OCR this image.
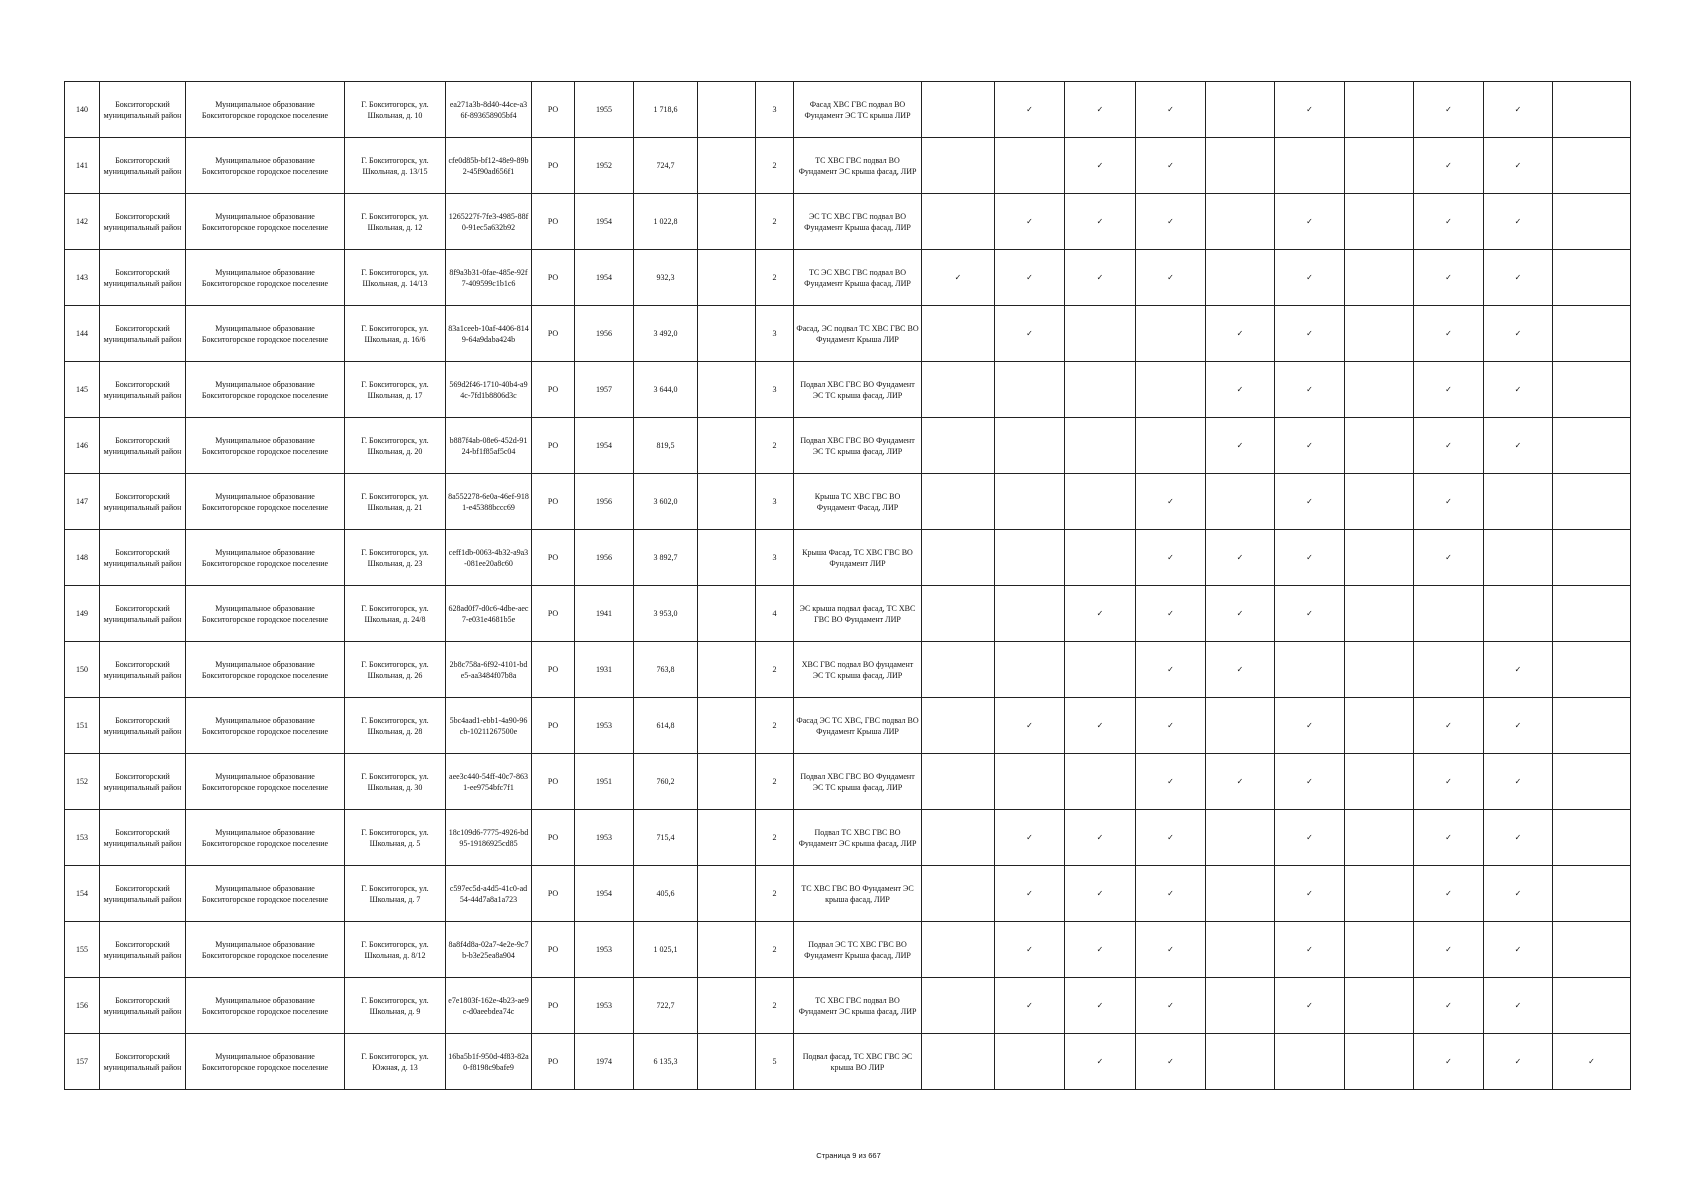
140	Бокситогорский муниципальный район	Муниципальное образование Бокситогорское городское поселение	Г. Бокситогорск, ул. Школьная, д. 10	ea271a3b-8d40-44ce-a36f-893658905bf4	РО	1955	1 718,6		3	Фасад ХВС ГВС подвал ВО Фундамент ЭС ТС крыша ЛИР		✓	✓	✓		✓		✓	✓	
141	Бокситогорский муниципальный район	Муниципальное образование Бокситогорское городское поселение	Г. Бокситогорск, ул. Школьная, д. 13/15	cfe0d85b-bf12-48e9-89b2-45f90ad656f1	РО	1952	724,7		2	ТС ХВС ГВС подвал ВО Фундамент ЭС крыша фасад, ЛИР			✓	✓				✓	✓	
142	Бокситогорский муниципальный район	Муниципальное образование Бокситогорское городское поселение	Г. Бокситогорск, ул. Школьная, д. 12	1265227f-7fe3-4985-88f0-91ec5a632b92	РО	1954	1 022,8		2	ЭС ТС ХВС ГВС подвал ВО Фундамент Крыша фасад, ЛИР		✓	✓	✓		✓		✓	✓	
143	Бокситогорский муниципальный район	Муниципальное образование Бокситогорское городское поселение	Г. Бокситогорск, ул. Школьная, д. 14/13	8f9a3b31-0fae-485e-92f7-409599c1b1c6	РО	1954	932,3		2	ТС ЭС ХВС ГВС подвал ВО Фундамент Крыша фасад, ЛИР	✓	✓	✓	✓		✓		✓	✓	
144	Бокситогорский муниципальный район	Муниципальное образование Бокситогорское городское поселение	Г. Бокситогорск, ул. Школьная, д. 16/6	83a1ceeb-10af-4406-8149-64a9daba424b	РО	1956	3 492,0		3	Фасад, ЭС подвал ТС ХВС ГВС ВО Фундамент Крыша ЛИР		✓			✓	✓		✓	✓	
145	Бокситогорский муниципальный район	Муниципальное образование Бокситогорское городское поселение	Г. Бокситогорск, ул. Школьная, д. 17	569d2f46-1710-40b4-a94c-7fd1b8806d3c	РО	1957	3 644,0		3	Подвал ХВС ГВС ВО Фундамент ЭС ТС крыша фасад, ЛИР					✓	✓		✓	✓	
146	Бокситогорский муниципальный район	Муниципальное образование Бокситогорское городское поселение	Г. Бокситогорск, ул. Школьная, д. 20	b887f4ab-08e6-452d-9124-bf1f85af5c04	РО	1954	819,5		2	Подвал ХВС ГВС ВО Фундамент ЭС ТС крыша фасад, ЛИР					✓	✓		✓	✓	
147	Бокситогорский муниципальный район	Муниципальное образование Бокситогорское городское поселение	Г. Бокситогорск, ул. Школьная, д. 21	8a552278-6e0a-46ef-9181-e45388bccc69	РО	1956	3 602,0		3	Крыша ТС ХВС ГВС ВО Фундамент Фасад, ЛИР				✓		✓		✓		
148	Бокситогорский муниципальный район	Муниципальное образование Бокситогорское городское поселение	Г. Бокситогорск, ул. Школьная, д. 23	ceff1db-0063-4b32-a9a3-081ee20a8c60	РО	1956	3 892,7		3	Крыша Фасад, ТС ХВС ГВС ВО Фундамент ЛИР				✓	✓	✓		✓		
149	Бокситогорский муниципальный район	Муниципальное образование Бокситогорское городское поселение	Г. Бокситогорск, ул. Школьная, д. 24/8	628ad0f7-d0c6-4dbe-aec7-e031e4681b5e	РО	1941	3 953,0		4	ЭС крыша подвал фасад, ТС ХВС ГВС ВО Фундамент ЛИР			✓	✓	✓	✓				
150	Бокситогорский муниципальный район	Муниципальное образование Бокситогорское городское поселение	Г. Бокситогорск, ул. Школьная, д. 26	2b8c758a-6f92-4101-bde5-aa3484f07b8a	РО	1931	763,8		2	ХВС ГВС подвал ВО фундамент ЭС ТС крыша фасад, ЛИР				✓	✓				✓	
151	Бокситогорский муниципальный район	Муниципальное образование Бокситогорское городское поселение	Г. Бокситогорск, ул. Школьная, д. 28	5bc4aad1-ebb1-4a90-96cb-10211267500e	РО	1953	614,8		2	Фасад ЭС ТС ХВС, ГВС подвал ВО Фундамент Крыша ЛИР		✓	✓	✓		✓		✓	✓	
152	Бокситогорский муниципальный район	Муниципальное образование Бокситогорское городское поселение	Г. Бокситогорск, ул. Школьная, д. 30	aee3c440-54ff-40c7-8631-ee9754bfc7f1	РО	1951	760,2		2	Подвал ХВС ГВС ВО Фундамент ЭС ТС крыша фасад, ЛИР				✓	✓	✓		✓	✓	
153	Бокситогорский муниципальный район	Муниципальное образование Бокситогорское городское поселение	Г. Бокситогорск, ул. Школьная, д. 5	18c109d6-7775-4926-bd95-19186925cd85	РО	1953	715,4		2	Подвал ТС ХВС ГВС ВО Фундамент ЭС крыша фасад, ЛИР		✓	✓	✓		✓		✓	✓	
154	Бокситогорский муниципальный район	Муниципальное образование Бокситогорское городское поселение	Г. Бокситогорск, ул. Школьная, д. 7	c597ec5d-a4d5-41c0-ad54-44d7a8a1a723	РО	1954	405,6		2	ТС ХВС ГВС ВО Фундамент ЭС крыша фасад, ЛИР		✓	✓	✓		✓		✓	✓	
155	Бокситогорский муниципальный район	Муниципальное образование Бокситогорское городское поселение	Г. Бокситогорск, ул. Школьная, д. 8/12	8a8f4d8a-02a7-4e2e-9c7b-b3e25ea8a904	РО	1953	1 025,1		2	Подвал ЭС ТС ХВС ГВС ВО Фундамент Крыша фасад, ЛИР		✓	✓	✓		✓		✓	✓	
156	Бокситогорский муниципальный район	Муниципальное образование Бокситогорское городское поселение	Г. Бокситогорск, ул. Школьная, д. 9	e7e1803f-162e-4b23-ae9c-d0aeebdea74c	РО	1953	722,7		2	ТС ХВС ГВС подвал ВО Фундамент ЭС крыша фасад, ЛИР		✓	✓	✓		✓		✓	✓	
157	Бокситогорский муниципальный район	Муниципальное образование Бокситогорское городское поселение	Г. Бокситогорск, ул. Южная, д. 13	16ba5b1f-950d-4f83-82a0-f8198c9bafe9	РО	1974	6 135,3		5	Подвал фасад, ТС ХВС ГВС ЭС крыша ВО ЛИР			✓	✓				✓	✓	✓
Страница 9 из 667
